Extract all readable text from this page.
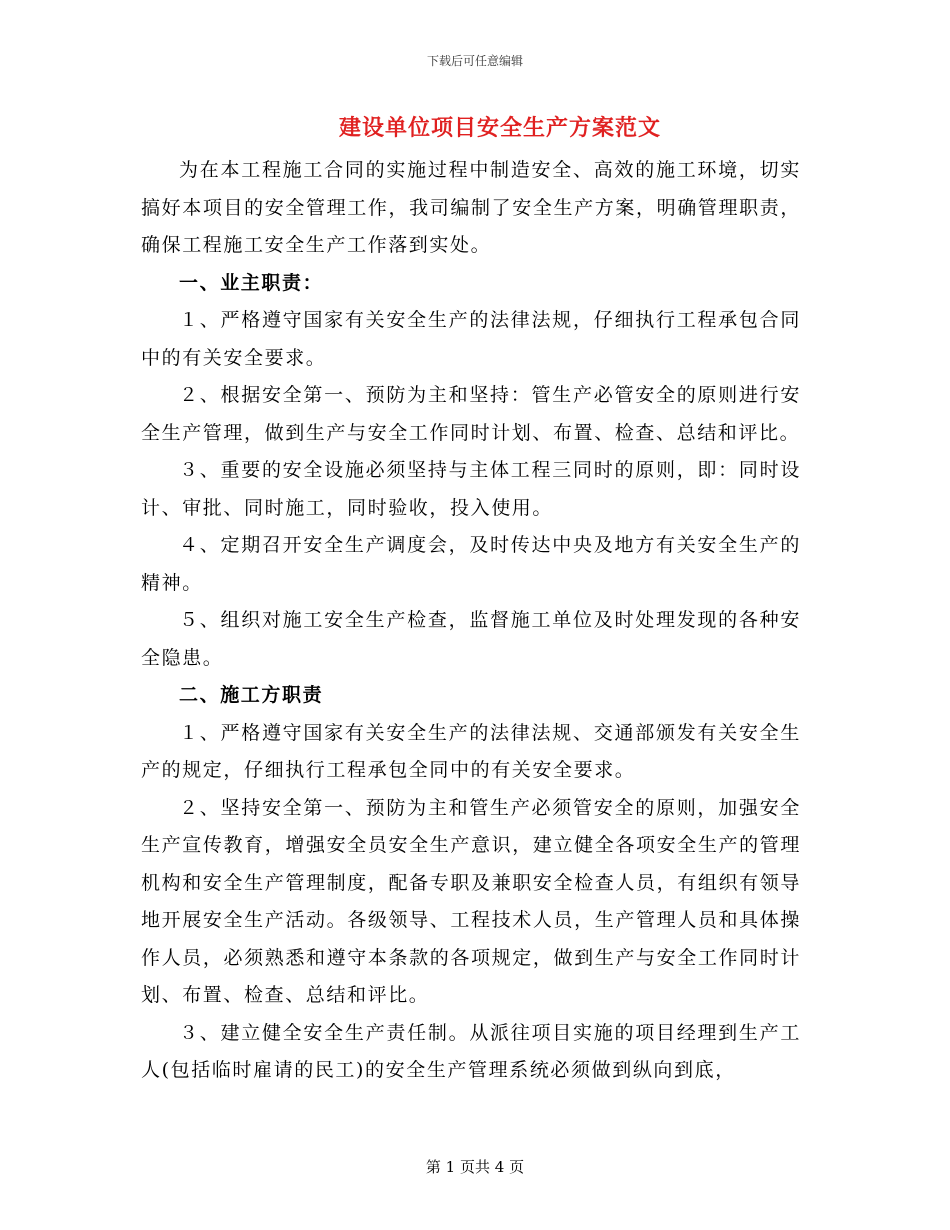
下载后可任意编辑
建设单位项目安全生产方案范文

为在本工程施工合同的实施过程中制造安全、高效的施工环境，切实搞好本项目的安全管理工作，我司编制了安全生产方案，明确管理职责，确保工程施工安全生产工作落到实处。

一、业主职责：

１、严格遵守国家有关安全生产的法律法规，仔细执行工程承包合同中的有关安全要求。

２、根据安全第一、预防为主和坚持：管生产必管安全的原则进行安全生产管理，做到生产与安全工作同时计划、布置、检查、总结和评比。

３、重要的安全设施必须坚持与主体工程三同时的原则，即：同时设计、审批、同时施工，同时验收，投入使用。

４、定期召开安全生产调度会，及时传达中央及地方有关安全生产的精神。

５、组织对施工安全生产检查，监督施工单位及时处理发现的各种安全隐患。

二、施工方职责

１、严格遵守国家有关安全生产的法律法规、交通部颁发有关安全生产的规定，仔细执行工程承包全同中的有关安全要求。

２、坚持安全第一、预防为主和管生产必须管安全的原则，加强安全生产宣传教育，增强安全员安全生产意识，建立健全各项安全生产的管理机构和安全生产管理制度，配备专职及兼职安全检查人员，有组织有领导地开展安全生产活动。各级领导、工程技术人员，生产管理人员和具体操作人员，必须熟悉和遵守本条款的各项规定，做到生产与安全工作同时计划、布置、检查、总结和评比。

３、建立健全安全生产责任制。从派往项目实施的项目经理到生产工人(包括临时雇请的民工)的安全生产管理系统必须做到纵向到底，

第 1 页共 4 页
